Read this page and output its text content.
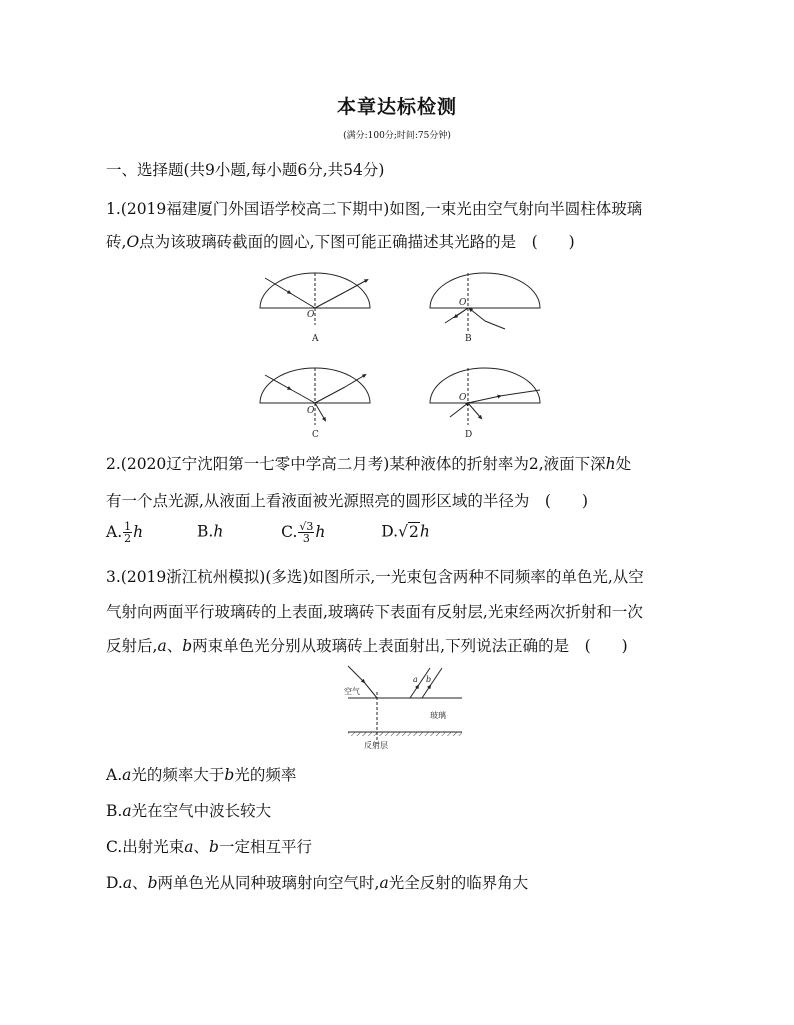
本章达标检测
(满分:100分;时间:75分钟)
一、选择题(共9小题,每小题6分,共54分)
1.(2019福建厦门外国语学校高二下期中)如图,一束光由空气射向半圆柱体玻璃
砖,O点为该玻璃砖截面的圆心,下图可能正确描述其光路的是　(　　)
O
O
O
O
A	B
C	D
2.(2020辽宁沈阳第一七零中学高二月考)某种液体的折射率为2,液面下深h处
有一个点光源,从液面上看液面被光源照亮的圆形区域的半径为　(　　)
A. $\frac{1}{2}$ h	B.h	C. $\frac{√3}{3}$ h	D.√2h
3.(2019浙江杭州模拟)(多选)如图所示,一光束包含两种不同频率的单色光,从空
气射向两面平行玻璃砖的上表面,玻璃砖下表面有反射层,光束经两次折射和一次
反射后,a、b两束单色光分别从玻璃砖上表面射出,下列说法正确的是　(　　)
空气
玻璃
反射层
a b
A.a光的频率大于b光的频率
B.a光在空气中波长较大
C.出射光束a、b一定相互平行
D.a、b两单色光从同种玻璃射向空气时,a光全反射的临界角大
